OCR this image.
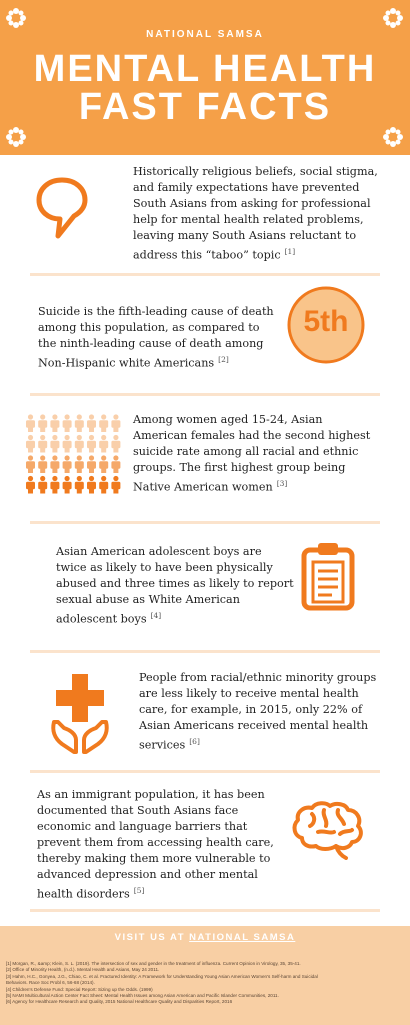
NATIONAL SAMSA
MENTAL HEALTH
FAST FACTS
Historically religious beliefs, social stigma,
and family expectations have prevented
South Asians from asking for professional
help for mental health related problems,
leaving many South Asians reluctant to
address this “taboo” topic [1]
Suicide is the fifth-leading cause of death
among this population, as compared to
the ninth-leading cause of death among
Non-Hispanic white Americans [2]
5th
Among women aged 15-24, Asian
American females had the second highest
suicide rate among all racial and ethnic
groups. The first highest group being
Native American women [3]
Asian American adolescent boys are
twice as likely to have been physically
abused and three times as likely to report
sexual abuse as White American
adolescent boys [4]
People from racial/ethnic minority groups
are less likely to receive mental health
care, for example, in 2015, only 22% of
Asian Americans received mental health
services [6]
As an immigrant population, it has been
documented that South Asians face
economic and language barriers that
prevent them from accessing health care,
thereby making them more vulnerable to
advanced depression and other mental
health disorders [5]
VISIT US AT NATIONAL SAMSA
[1] Morgan, R., &amp; Klein, S. L. (2019). The intersection of sex and gender in the treatment of influenza. Current Opinion in Virology, 35, 35-41.
[2] Office of Minority Health, (n.d.). Mental Health and Asians, May 24 2011.
[3] Hahm, H.C., Gonyea, J.G., Chiao, C. et al. Fractured Identity: A Framework for Understanding Young Asian American Women's Self-harm and Suicidal
Behaviors. Race Soc Probl 6, 56-68 (2014).
[4] Children's Defense Fund: Special Report: Sizing up the Odds. (1999)
[5] NAMI Multicultural Action Center Fact Sheet: Mental Health Issues among Asian American and Pacific Islander Communities, 2011.
[6] Agency for Healthcare Research and Quality, 2015 National Healthcare Quality and Disparities Report, 2016
